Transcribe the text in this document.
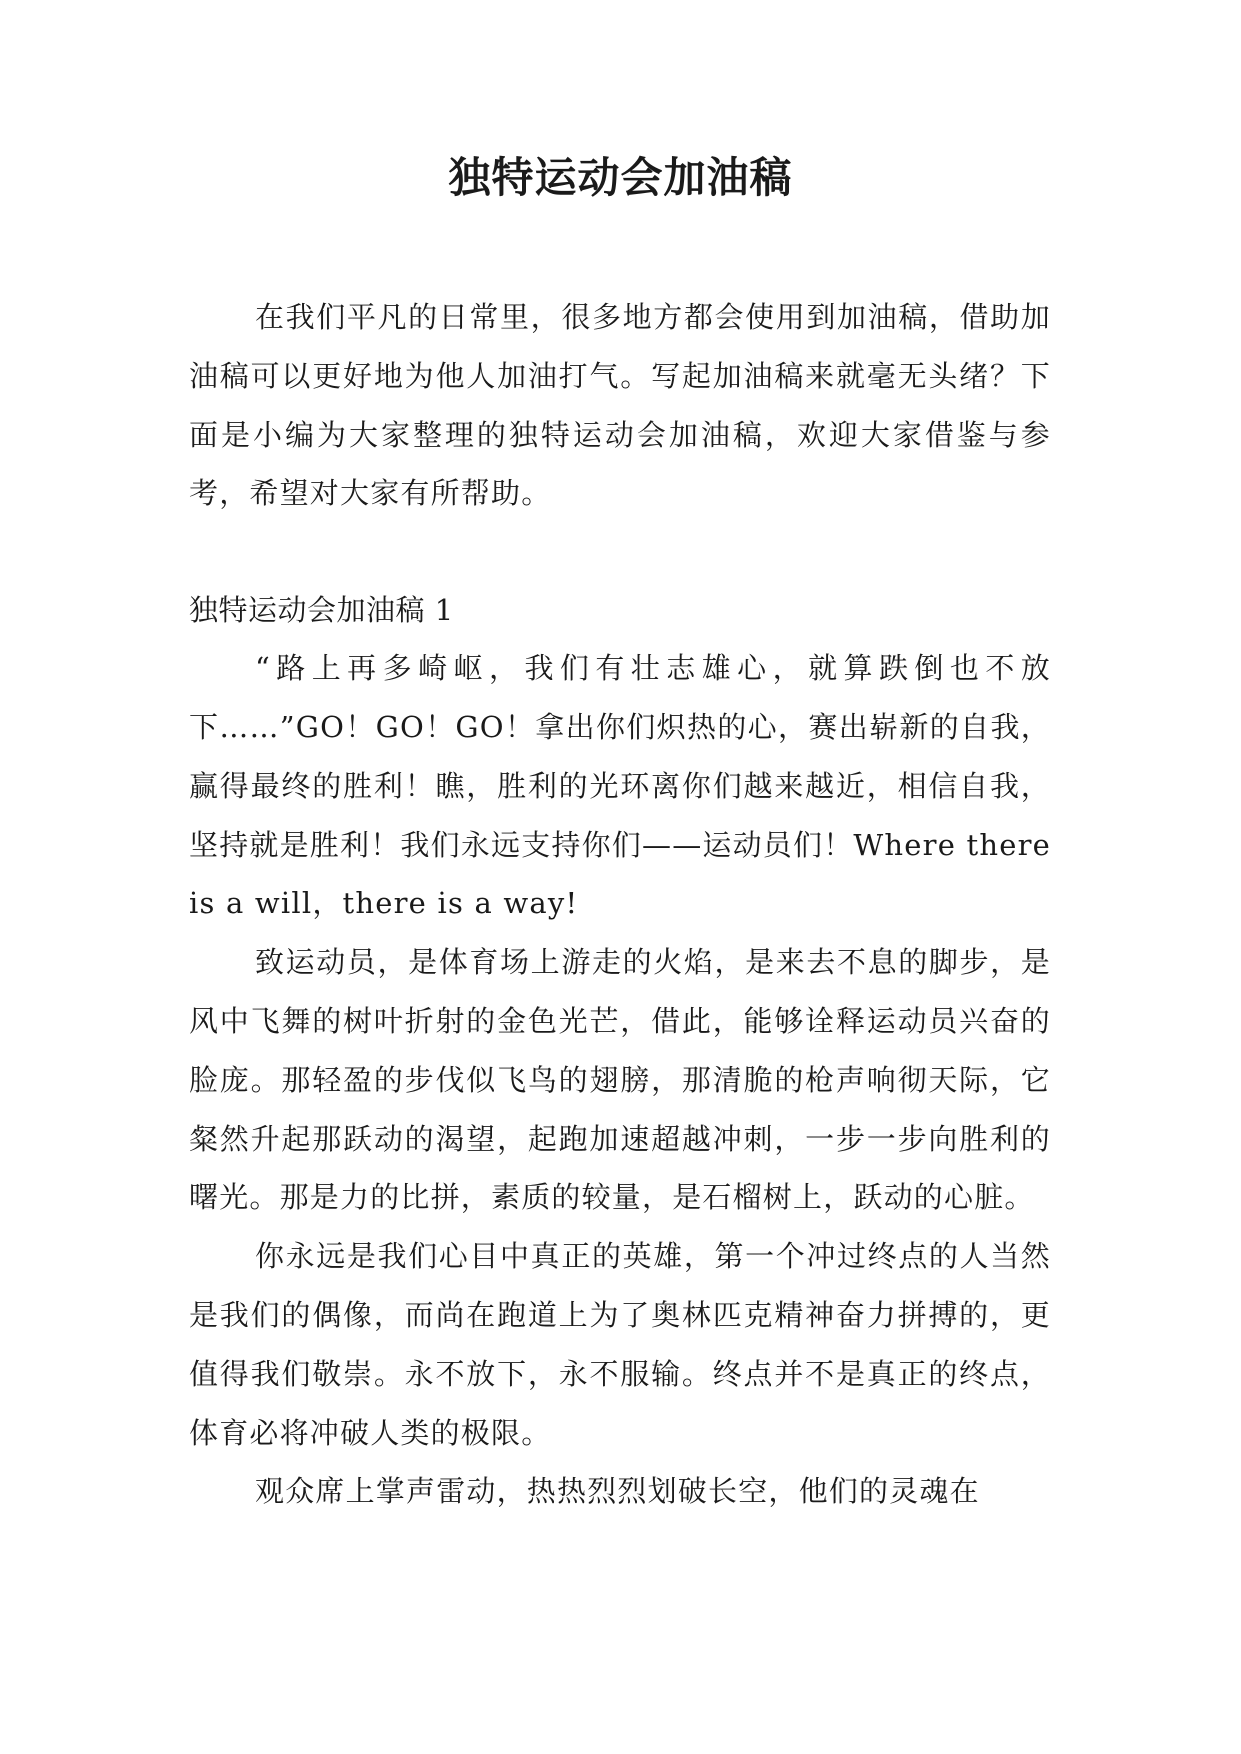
独特运动会加油稿

在我们平凡的日常里，很多地方都会使用到加油稿，借助加油稿可以更好地为他人加油打气。写起加油稿来就毫无头绪？下面是小编为大家整理的独特运动会加油稿，欢迎大家借鉴与参考，希望对大家有所帮助。

独特运动会加油稿 1

“路上再多崎岖，我们有壮志雄心，就算跌倒也不放下……”GO！GO！GO！拿出你们炽热的心，赛出崭新的自我，赢得最终的胜利！瞧，胜利的光环离你们越来越近，相信自我，坚持就是胜利！我们永远支持你们——运动员们！Where there is a will，there is a way!

致运动员，是体育场上游走的火焰，是来去不息的脚步，是风中飞舞的树叶折射的金色光芒，借此，能够诠释运动员兴奋的脸庞。那轻盈的步伐似飞鸟的翅膀，那清脆的枪声响彻天际，它粲然升起那跃动的渴望，起跑加速超越冲刺，一步一步向胜利的曙光。那是力的比拼，素质的较量，是石榴树上，跃动的心脏。

你永远是我们心目中真正的英雄，第一个冲过终点的人当然是我们的偶像，而尚在跑道上为了奥林匹克精神奋力拼搏的，更值得我们敬崇。永不放下，永不服输。终点并不是真正的终点，体育必将冲破人类的极限。

观众席上掌声雷动，热热烈烈划破长空，他们的灵魂在
